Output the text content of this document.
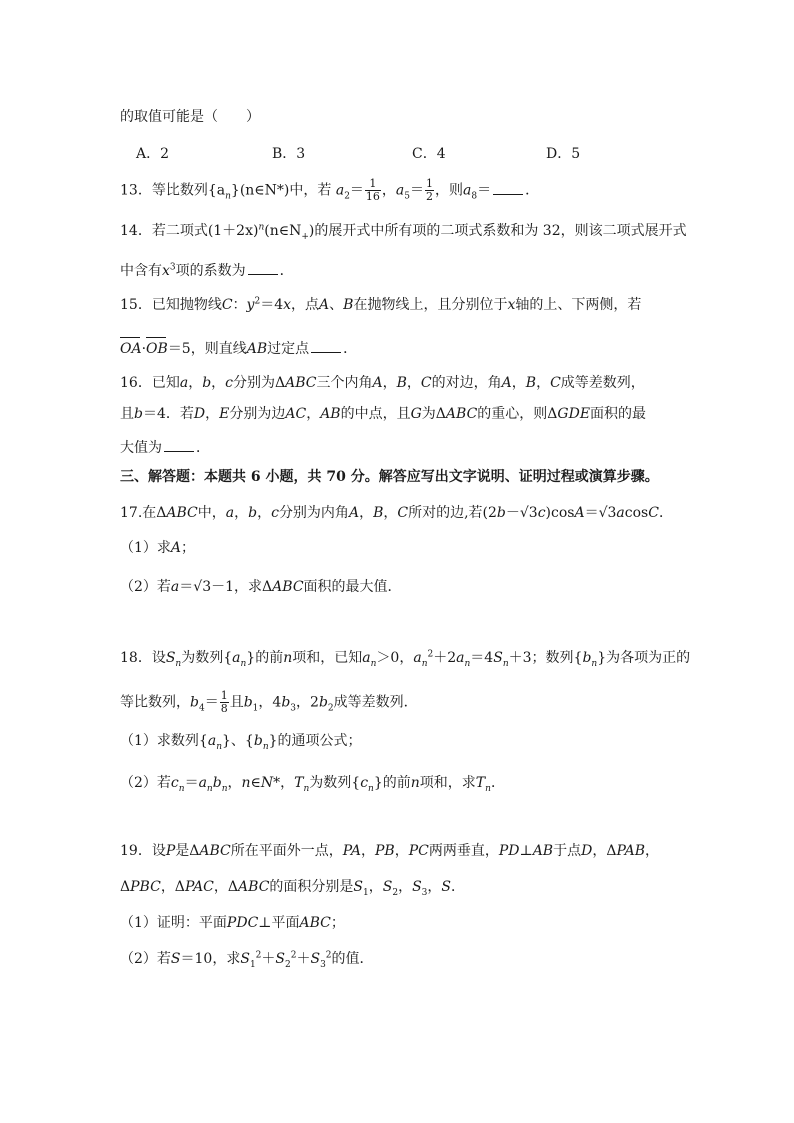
的取值可能是（　　）
A．2	B．3	C．4	D．5
13．等比数列$\{a_n\}(n\in N*)$中，若 $a_2= \frac{1}{16}$ ，$a_5= \frac{1}{2}$ ，则$a_8=$ ．
14．若二项式$(1+2x)^n(n\in N_+)$的展开式中所有项的二项式系数和为 32，则该二项式展开式
中含有$x^3$项的系数为 ．
15．已知抛物线C：$y^2=4x$，点A、B在抛物线上，且分别位于x轴的上、下两侧，若
OA·OB＝5，则直线AB过定点 ．
16．已知a，b，c分别为ΔABC三个内角A，B，C的对边，角A，B，C成等差数列，
且b＝4．若D，E分别为边AC，AB的中点，且G为ΔABC的重心，则ΔGDE面积的最
大值为 ．
三、解答题：本题共 6 小题，共 70 分。解答应写出文字说明、证明过程或演算步骤。
17.在ΔABC中，a，b，c分别为内角A，B，C所对的边,若(2b－√3c)cosA＝√3acosC．
（1）求A；
（2）若a＝√3－1，求ΔABC面积的最大值．
18．设$S_n$为数列$\{a_n\}$的前n项和，已知$a_n>0$，$a_n^2+2a_n=4S_n+3$；数列$\{b_n\}$为各项为正的
等比数列，$b_4= \frac{1}{8}$ 且$b_1$，$4b_3$，$2b_2$成等差数列．
（1）求数列$\{a_n\}$、$\{b_n\}$的通项公式；
（2）若$c_n=a_nb_n$，n∈N*，$T_n$为数列$\{c_n\}$的前n项和，求$T_n$．
19．设P是ΔABC所在平面外一点，PA，PB，PC两两垂直，PD⊥AB于点D，ΔPAB，
ΔPBC，ΔPAC，ΔABC的面积分别是$S_1$，$S_2$，$S_3$，S．
（1）证明：平面PDC⊥平面ABC；
（2）若S＝10，求$S_1^2+S_2^2+S_3^2$的值．
